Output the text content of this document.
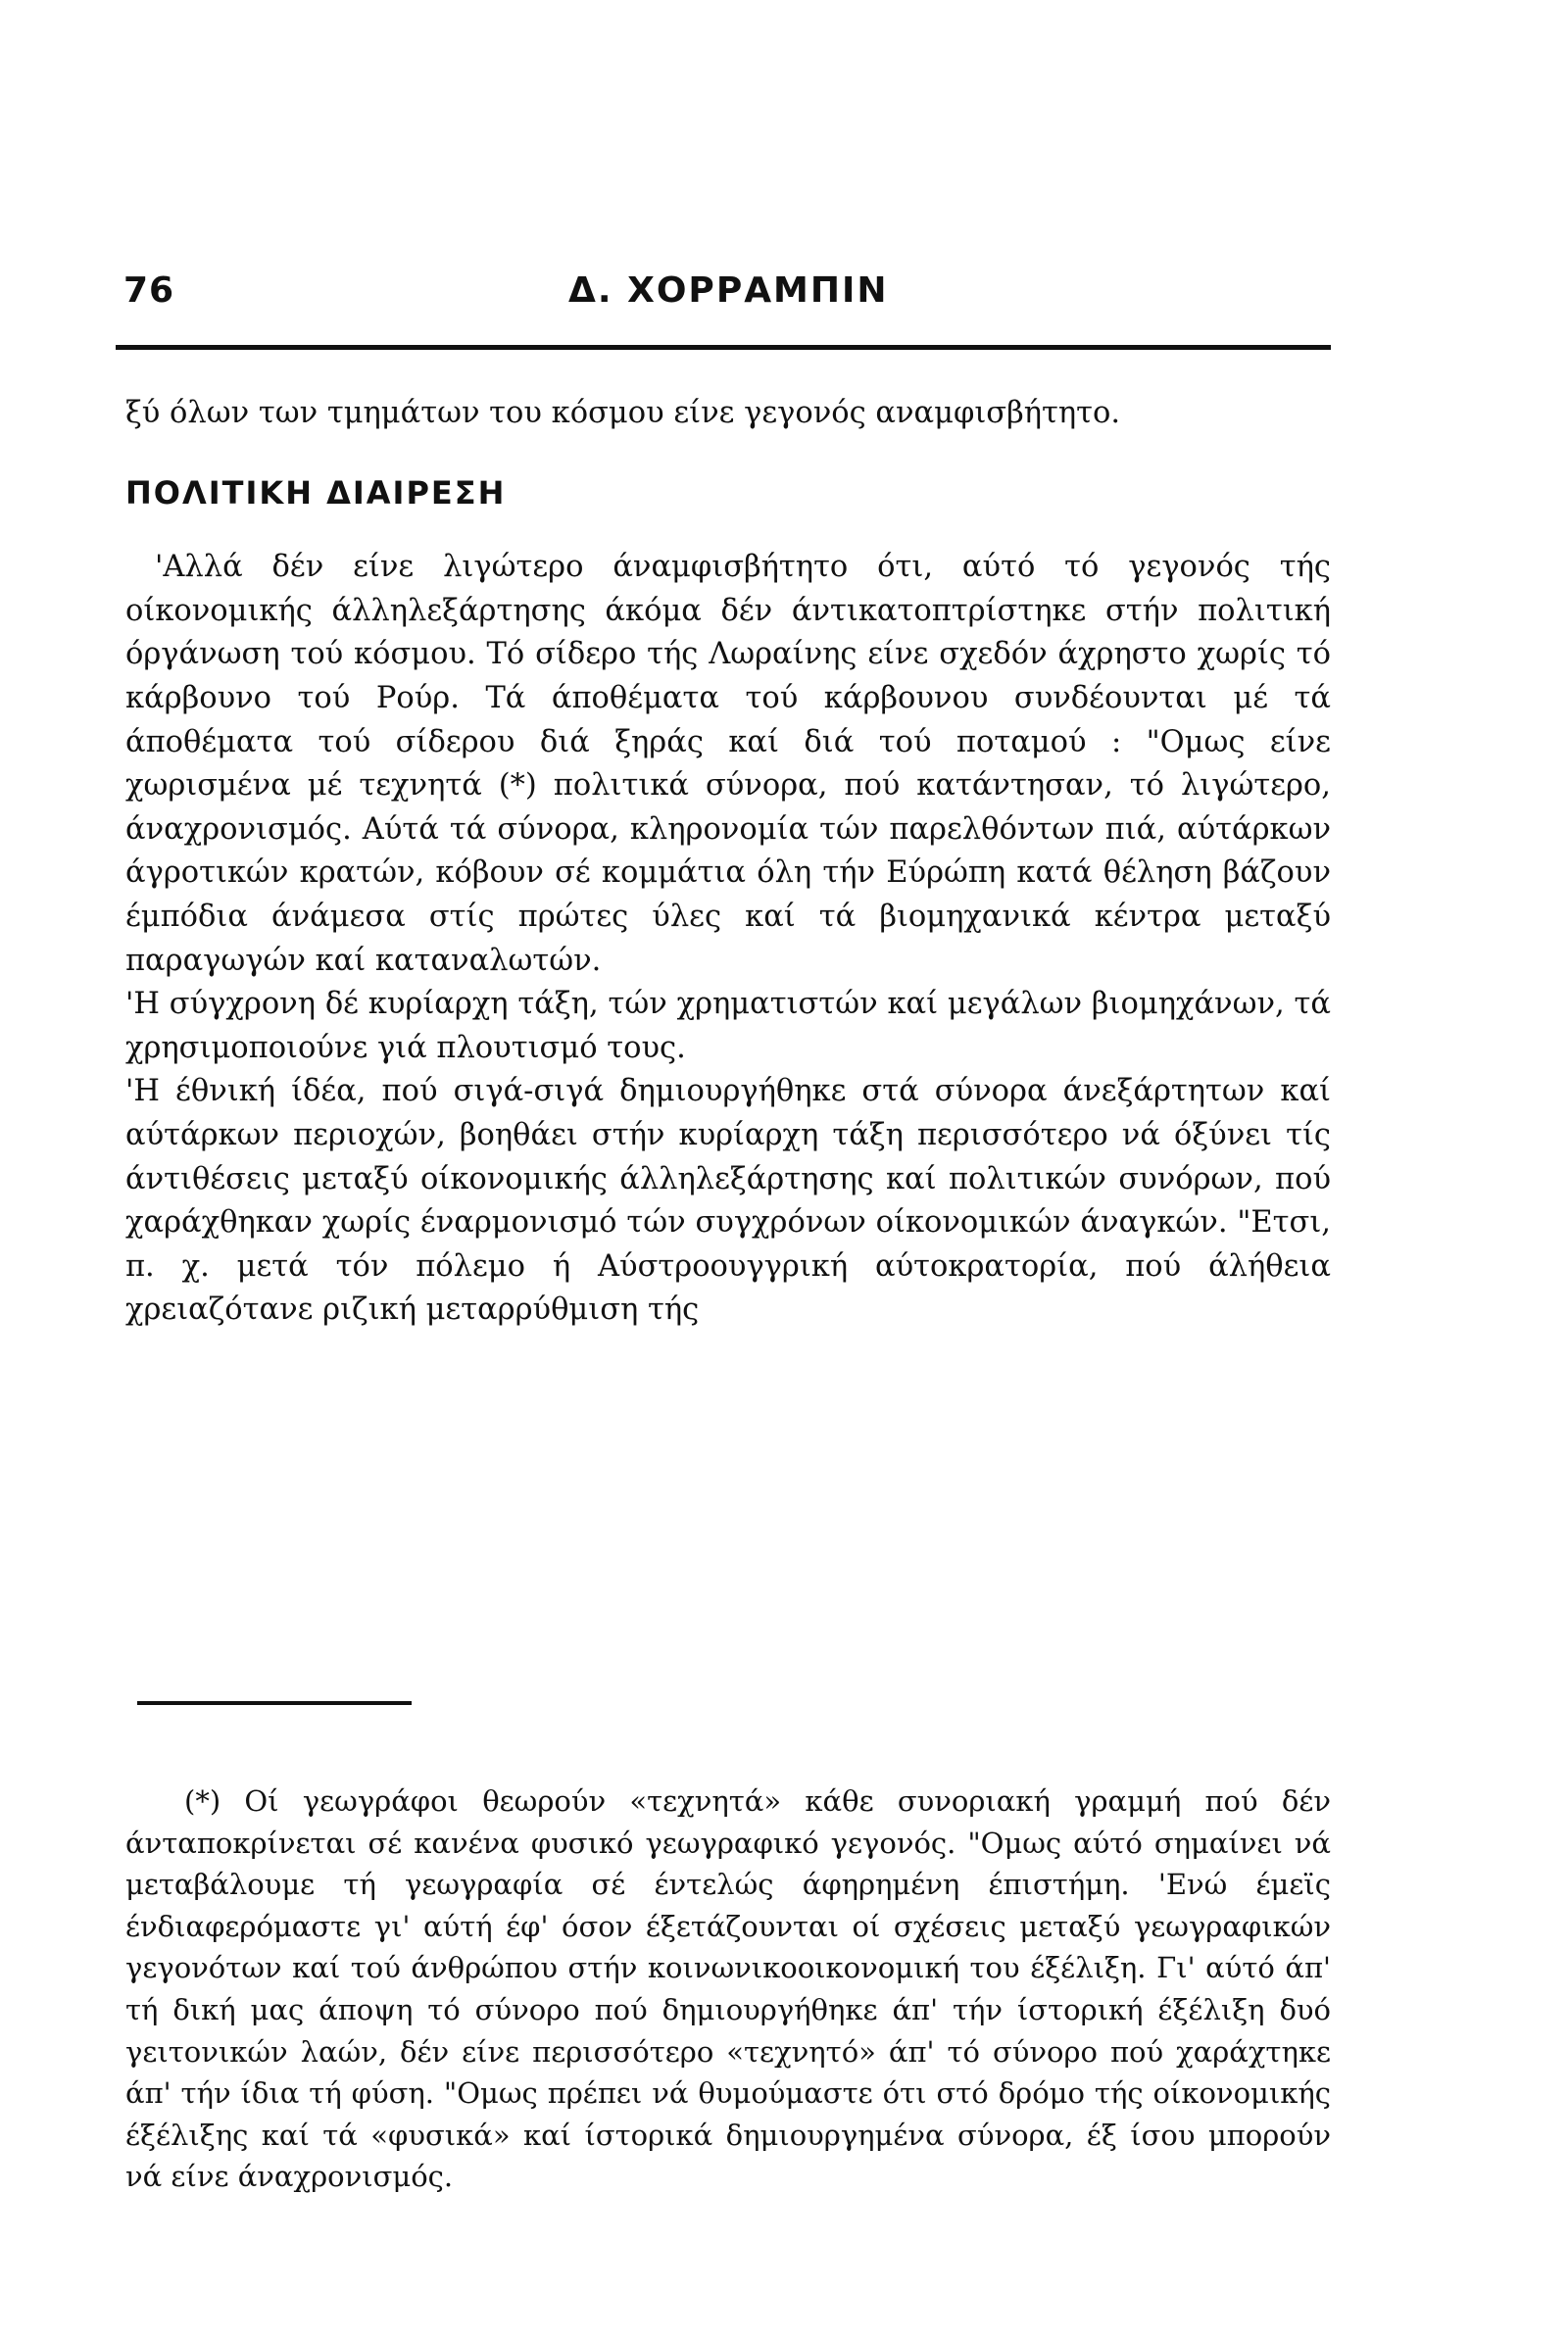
76	Δ. ΧΟΡΡΑΜΠΙΝ

ξύ όλων των τμημάτων του κόσμου είνε γεγονός αναμφισβήτητο.

ΠΟΛΙΤΙΚΗ ΔΙΑΙΡΕΣΗ

'Αλλά δέν είνε λιγώτερο άναμφισβήτητο ότι, αύτό τό γεγονός τής οίκονομικής άλληλεξάρτησης άκόμα δέν άντικατοπτρίστηκε στήν πολιτική όργάνωση τού κόσμου. Τό σίδερο τής Λωραίνης είνε σχεδόν άχρηστο χωρίς τό κάρβουνο τού Ρούρ. Τά άποθέματα τού κάρβουνου συνδέουνται μέ τά άποθέματα τού σίδερου διά ξηράς καί διά τού ποταμού : "Ομως είνε χωρισμένα μέ τεχνητά (*) πολιτικά σύνορα, πού κατάντησαν, τό λιγώτερο, άναχρονισμός. Αύτά τά σύνορα, κληρονομία τών παρελθόντων πιά, αύτάρκων άγροτικών κρατών, κόβουν σέ κομμάτια όλη τήν Εύρώπη κατά θέληση βάζουν έμπόδια άνάμεσα στίς πρώτες ύλες καί τά βιομηχανικά κέντρα μεταξύ παραγωγών καί καταναλωτών.

'Η σύγχρονη δέ κυρίαρχη τάξη, τών χρηματιστών καί μεγάλων βιομηχάνων, τά χρησιμοποιούνε γιά πλουτισμό τους.

'Η έθνική ίδέα, πού σιγά-σιγά δημιουργήθηκε στά σύνορα άνεξάρτητων καί αύτάρκων περιοχών, βοηθάει στήν κυρίαρχη τάξη περισσότερο νά όξύνει τίς άντιθέσεις μεταξύ οίκονομικής άλληλεξάρτησης καί πολιτικών συνόρων, πού χαράχθηκαν χωρίς έναρμονισμό τών συγχρόνων οίκονομικών άναγκών. "Ετσι, π. χ. μετά τόν πόλεμο ή Αύστροουγγρική αύτοκρατορία, πού άλήθεια χρειαζότανε ριζική μεταρρύθμιση τής

(*) Οί γεωγράφοι θεωρούν «τεχνητά» κάθε συνοριακή γραμμή πού δέν άνταποκρίνεται σέ κανένα φυσικό γεωγραφικό γεγονός. "Ομως αύτό σημαίνει νά μεταβάλουμε τή γεωγραφία σέ έντελώς άφηρημένη έπιστήμη. 'Ενώ έμεϊς ένδιαφερόμαστε γι' αύτή έφ' όσον έξετάζουνται οί σχέσεις μεταξύ γεωγραφικών γεγονότων καί τού άνθρώπου στήν κοινωνικοοικονομική του έξέλιξη. Γι' αύτό άπ' τή δική μας άποψη τό σύνορο πού δημιουργήθηκε άπ' τήν ίστορική έξέλιξη δυό γειτονικών λαών, δέν είνε περισσότερο «τεχνητό» άπ' τό σύνορο πού χαράχτηκε άπ' τήν ίδια τή φύση. "Ομως πρέπει νά θυμούμαστε ότι στό δρόμο τής οίκονομικής έξέλιξης καί τά «φυσικά» καί ίστορικά δημιουργημένα σύνορα, έξ ίσου μπορούν νά είνε άναχρονισμός.
